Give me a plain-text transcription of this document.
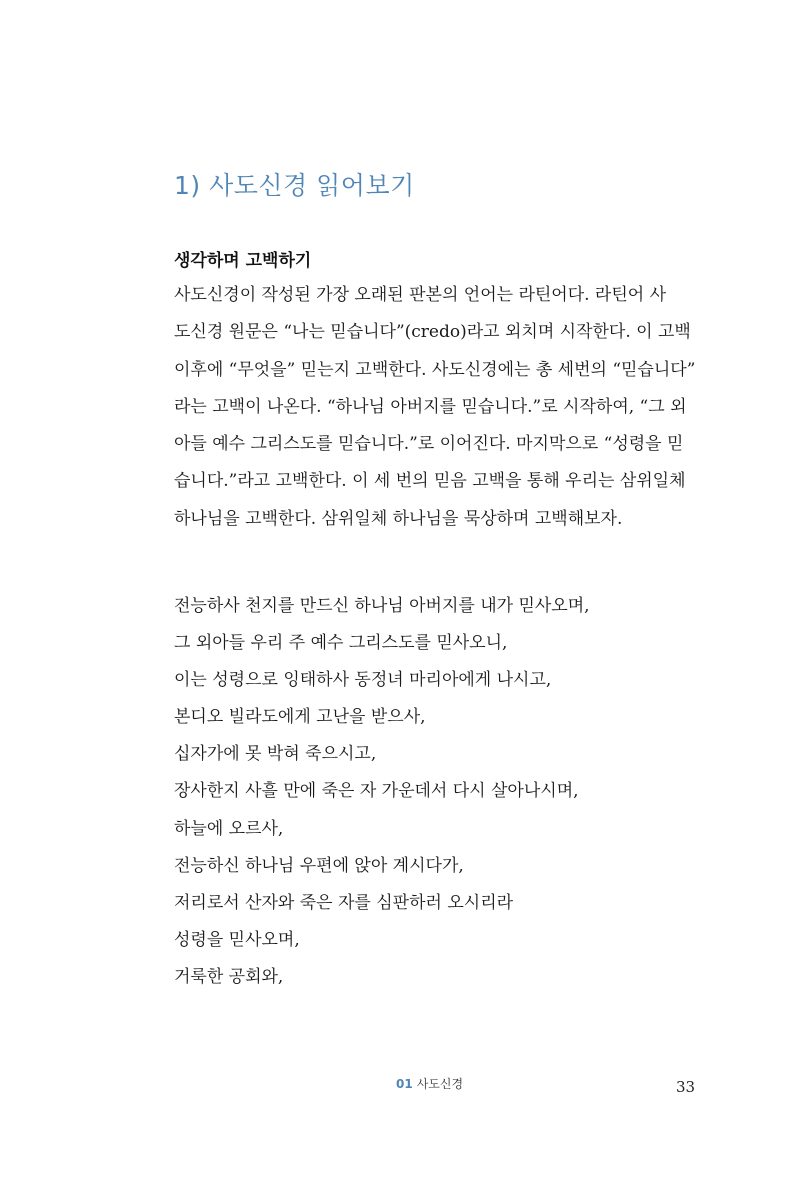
1) 사도신경 읽어보기
생각하며 고백하기

사도신경이 작성된 가장 오래된 판본의 언어는 라틴어다. 라틴어 사

도신경 원문은 “나는 믿습니다”(credo)라고 외치며 시작한다. 이 고백

이후에 “무엇을” 믿는지 고백한다. 사도신경에는 총 세번의 “믿습니다”

라는 고백이 나온다. “하나님 아버지를 믿습니다.”로 시작하여, “그 외

아들 예수 그리스도를 믿습니다.”로 이어진다. 마지막으로 “성령을 믿

습니다.”라고 고백한다. 이 세 번의 믿음 고백을 통해 우리는 삼위일체

하나님을 고백한다. 삼위일체 하나님을 묵상하며 고백해보자.

전능하사 천지를 만드신 하나님 아버지를 내가 믿사오며,

그 외아들 우리 주 예수 그리스도를 믿사오니,

이는 성령으로 잉태하사 동정녀 마리아에게 나시고,

본디오 빌라도에게 고난을 받으사,

십자가에 못 박혀 죽으시고,

장사한지 사흘 만에 죽은 자 가운데서 다시 살아나시며,

하늘에 오르사,

전능하신 하나님 우편에 앉아 계시다가,

저리로서 산자와 죽은 자를 심판하러 오시리라

성령을 믿사오며,

거룩한 공회와,

01 사도신경	33
